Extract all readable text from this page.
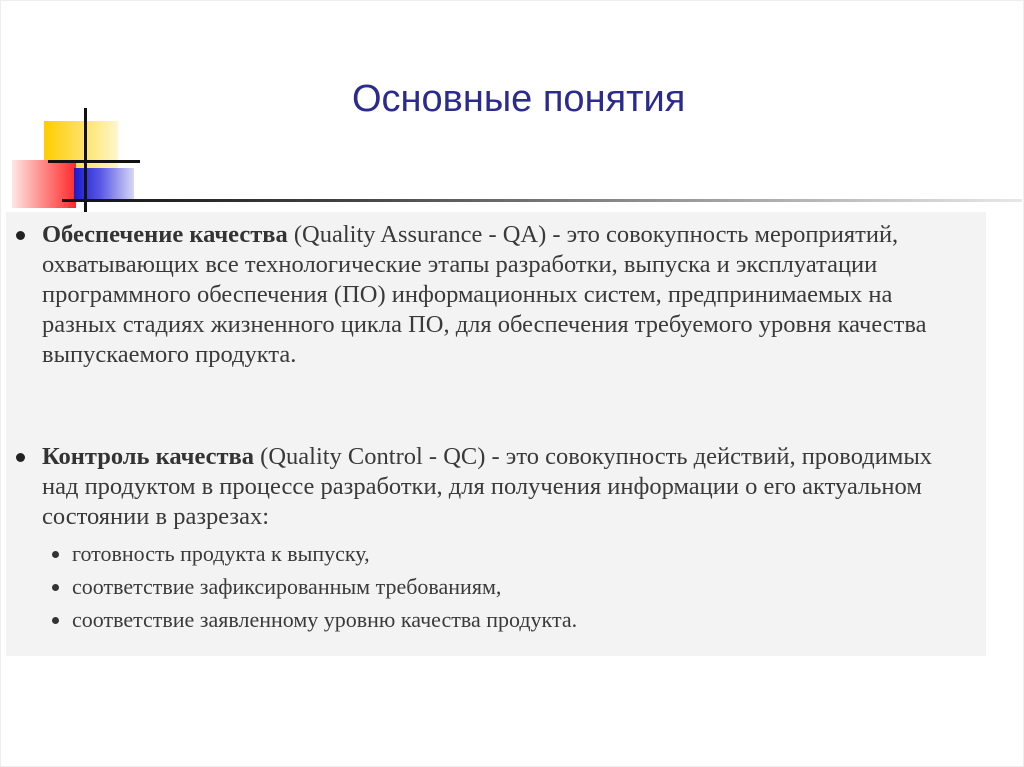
Основные понятия
Обеспечение качества (Quality Assurance - QA) - это совокупность мероприятий, охватывающих все технологические этапы разработки, выпуска и эксплуатации программного обеспечения (ПО) информационных систем, предпринимаемых на разных стадиях жизненного цикла ПО, для обеспечения требуемого уровня качества выпускаемого продукта.
Контроль качества (Quality Control - QC) - это совокупность действий, проводимых над продуктом в процессе разработки, для получения информации о его актуальном состоянии в разрезах:
готовность продукта к выпуску,
соответствие зафиксированным требованиям,
соответствие заявленному уровню качества продукта.
